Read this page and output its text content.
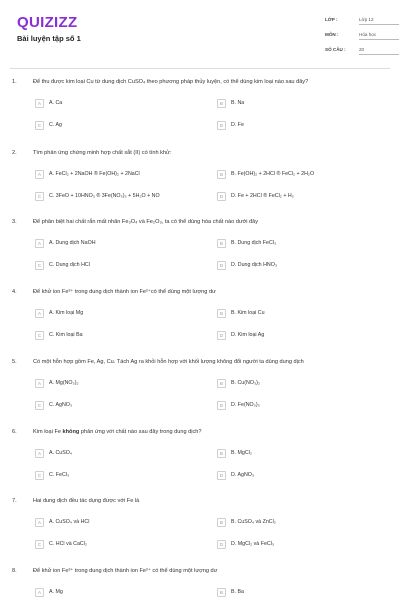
QUIZIZZ
Bài luyện tập số 1
LỚP :	Lớp 12
MÔN :	Hóa học
SỐ CÂU :	20
1.	Để thu được kim loại Cu từ dung dịch CuSO₄ theo phương pháp thủy luyện, có thể dùng kim loại nào sau đây?
A	A. Ca	B	B. Na
C	C. Ag	D	D. Fe
2.	Tìm phản ứng chứng minh hợp chất sắt (II) có tính khử:
A	A. FeCl₂ + 2NaOH ® Fe(OH)₂ + 2NaCl	B	B. Fe(OH)₂ + 2HCl ® FeCl₂ + 2H₂O
C	C. 3FeO + 10HNO₃ ® 3Fe(NO₃)₃ + 5H₂O + NO	D	D. Fe + 2HCl ® FeCl₂ + H₂
3.	Để phân biệt hai chất rắn mất nhãn Fe₃O₄ và Fe₂O₃, ta có thể dùng hóa chất nào dưới đây
A	A. Dung dịch NaOH	B	B. Dung dịch FeCl₃
C	C. Dung dịch HCl	D	D. Dung dịch HNO₃
4.	Để khử ion Fe³⁺ trong dung dịch thành ion Fe²⁺có thể dùng một lượng dư
A	A. Kim loại Mg	B	B. Kim loại Cu
C	C. Kim loại Ba	D	D. Kim loại Ag
5.	Có một hỗn hợp gồm Fe, Ag, Cu. Tách Ag ra khỏi hỗn hợp với khối lượng không đổi người ta dùng dung dịch
A	A. Mg(NO₃)₂	B	B. Cu(NO₃)₂
C	C. AgNO₃	D	D. Fe(NO₃)₃
6.	Kim loại Fe không phản ứng với chất nào sau đây trong dung dịch?
A	A. CuSO₄	B	B. MgCl₂
C	C. FeCl₃	D	D. AgNO₃
7.	Hai dung dịch đều tác dụng được với Fe là
A	A. CuSO₄ và HCl	B	B. CuSO₄ và ZnCl₂
C	C. HCl và CaCl₂	D	D. MgCl₂ và FeCl₃
8.	Để khử ion Fe³⁺ trong dung dịch thành ion Fe²⁺ có thể dùng một lượng dư
A	A. Mg	B	B. Ba
